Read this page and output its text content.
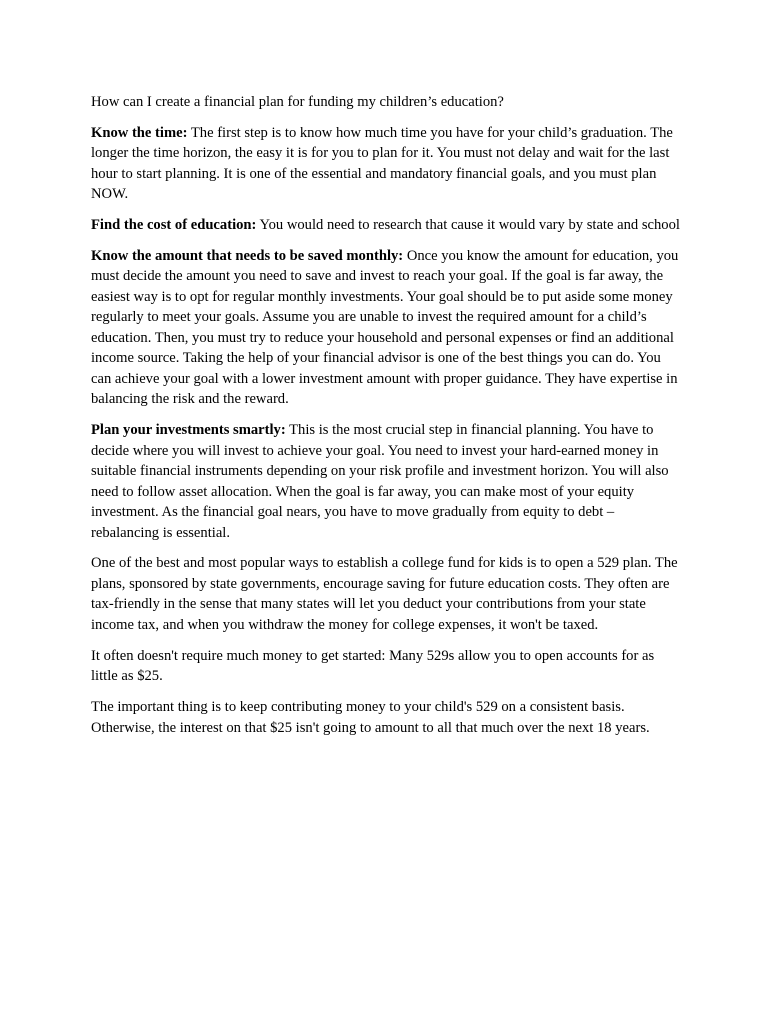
How can I create a financial plan for funding my children’s education?

Know the time: The first step is to know how much time you have for your child’s graduation. The longer the time horizon, the easy it is for you to plan for it. You must not delay and wait for the last hour to start planning. It is one of the essential and mandatory financial goals, and you must plan NOW.

Find the cost of education: You would need to research that cause it would vary by state and school

Know the amount that needs to be saved monthly: Once you know the amount for education, you must decide the amount you need to save and invest to reach your goal. If the goal is far away, the easiest way is to opt for regular monthly investments. Your goal should be to put aside some money regularly to meet your goals. Assume you are unable to invest the required amount for a child’s education. Then, you must try to reduce your household and personal expenses or find an additional income source. Taking the help of your financial advisor is one of the best things you can do. You can achieve your goal with a lower investment amount with proper guidance. They have expertise in balancing the risk and the reward.

Plan your investments smartly: This is the most crucial step in financial planning. You have to decide where you will invest to achieve your goal. You need to invest your hard-earned money in suitable financial instruments depending on your risk profile and investment horizon. You will also need to follow asset allocation. When the goal is far away, you can make most of your equity investment. As the financial goal nears, you have to move gradually from equity to debt – rebalancing is essential.

One of the best and most popular ways to establish a college fund for kids is to open a 529 plan. The plans, sponsored by state governments, encourage saving for future education costs. They often are tax-friendly in the sense that many states will let you deduct your contributions from your state income tax, and when you withdraw the money for college expenses, it won't be taxed.

It often doesn't require much money to get started: Many 529s allow you to open accounts for as little as $25.

The important thing is to keep contributing money to your child's 529 on a consistent basis. Otherwise, the interest on that $25 isn't going to amount to all that much over the next 18 years.
